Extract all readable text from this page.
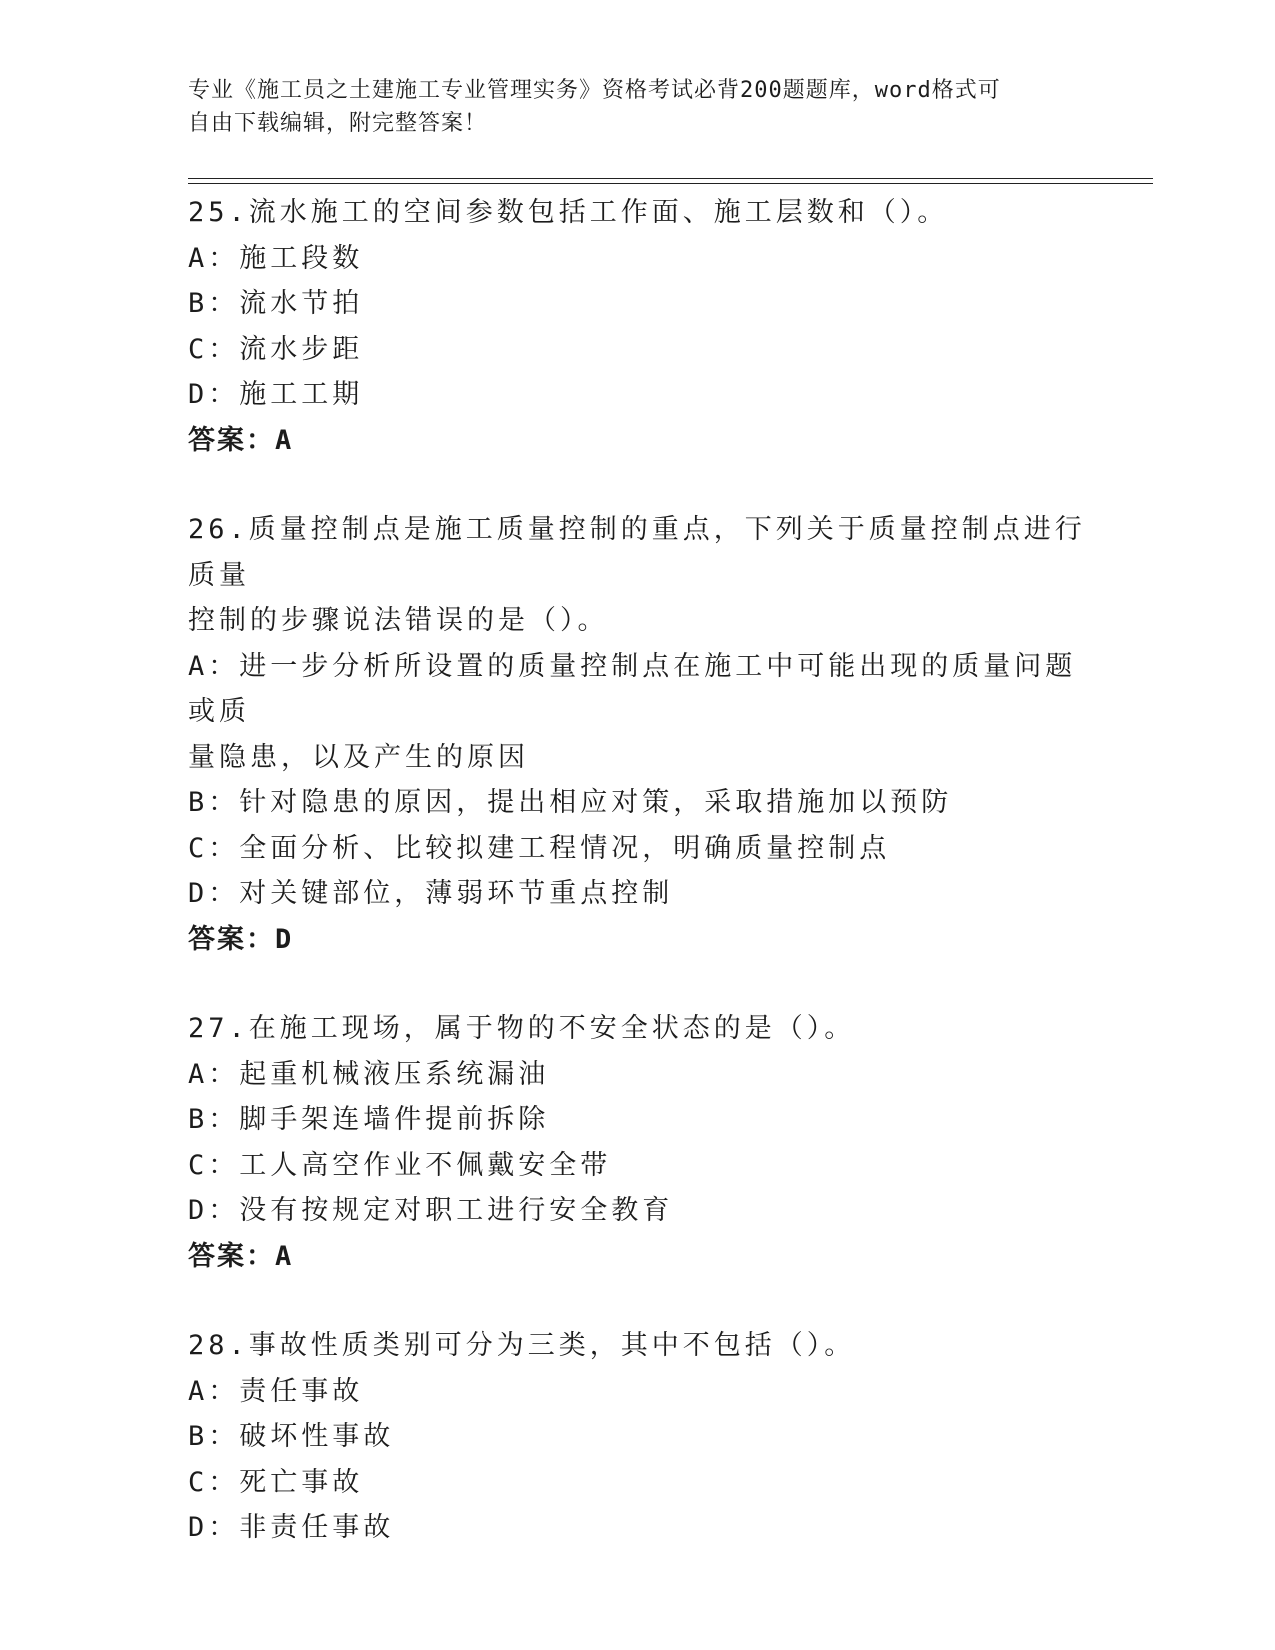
专业《施工员之土建施工专业管理实务》资格考试必背200题题库，word格式可
自由下载编辑，附完整答案！
25.流水施工的空间参数包括工作面、施工层数和（）。
A：施工段数
B：流水节拍
C：流水步距
D：施工工期
答案：A
26.质量控制点是施工质量控制的重点，下列关于质量控制点进行质量
控制的步骤说法错误的是（）。
A：进一步分析所设置的质量控制点在施工中可能出现的质量问题或质
量隐患，以及产生的原因
B：针对隐患的原因，提出相应对策，采取措施加以预防
C：全面分析、比较拟建工程情况，明确质量控制点
D：对关键部位，薄弱环节重点控制
答案：D
27.在施工现场，属于物的不安全状态的是（）。
A：起重机械液压系统漏油
B：脚手架连墙件提前拆除
C：工人高空作业不佩戴安全带
D：没有按规定对职工进行安全教育
答案：A
28.事故性质类别可分为三类，其中不包括（）。
A：责任事故
B：破坏性事故
C：死亡事故
D：非责任事故
